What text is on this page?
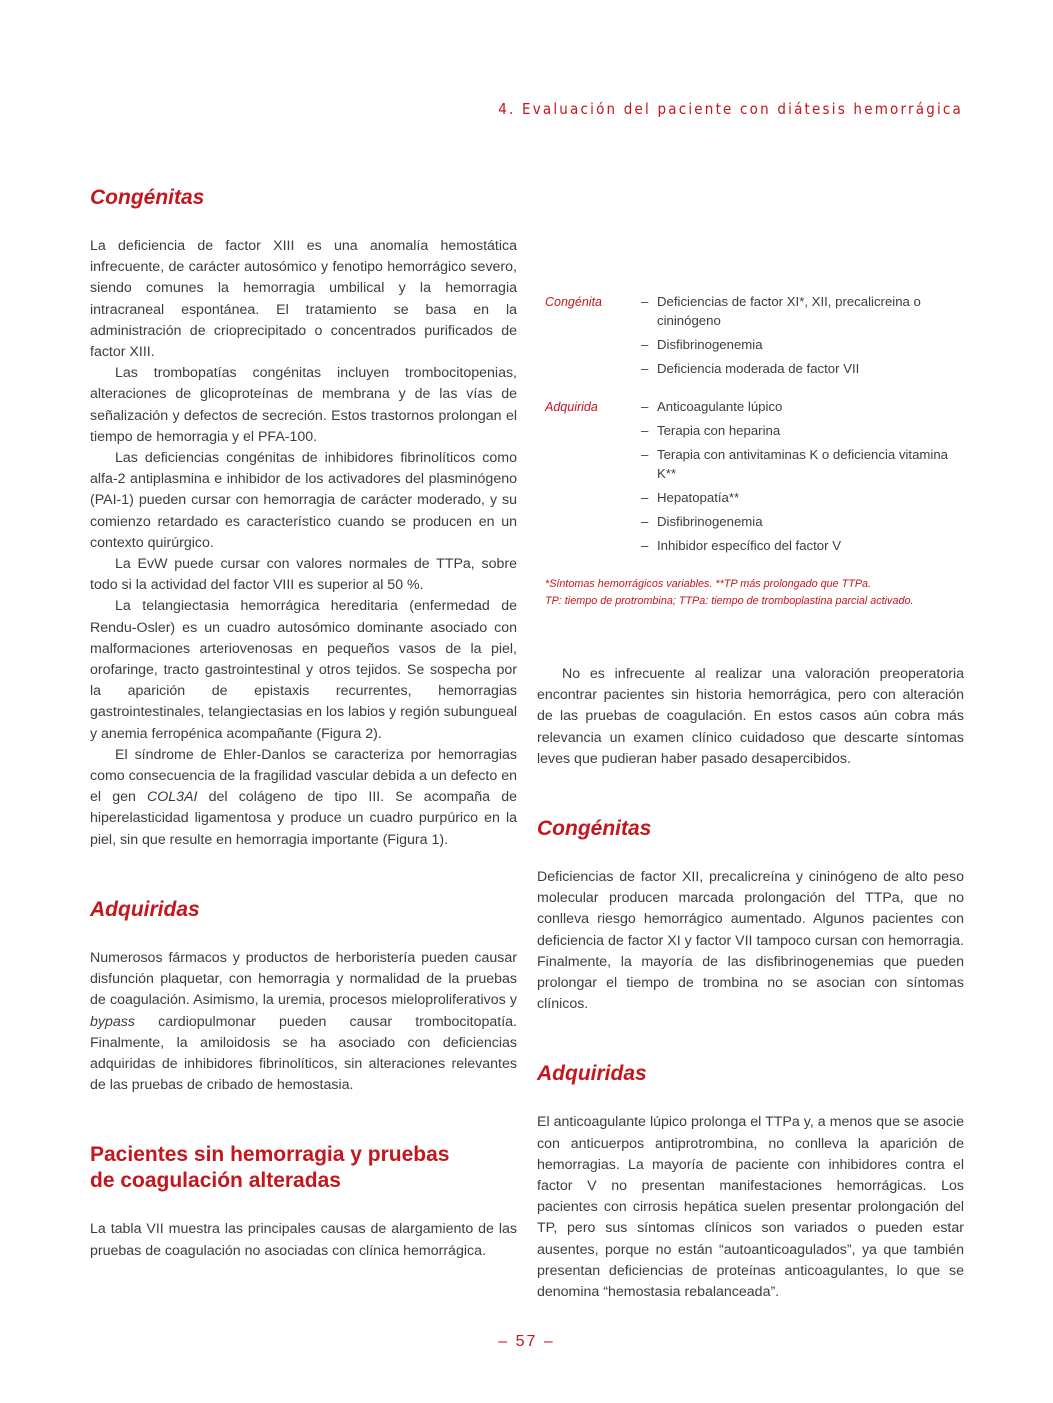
4. Evaluación del paciente con diátesis hemorrágica
Congénitas

La deficiencia de factor XIII es una anomalía hemostática infrecuente, de carácter autosómico y fenotipo hemorrágico severo, siendo comunes la hemorragia umbilical y la hemorragia intracraneal espontánea. El tratamiento se basa en la administración de crioprecipitado o concentrados purificados de factor XIII.

Las trombopatías congénitas incluyen trombocitopenias, alteraciones de glicoproteínas de membrana y de las vías de señalización y defectos de secreción. Estos trastornos prolongan el tiempo de hemorragia y el PFA-100.

Las deficiencias congénitas de inhibidores fibrinolíticos como alfa-2 antiplasmina e inhibidor de los activadores del plasminógeno (PAI-1) pueden cursar con hemorragia de carácter moderado, y su comienzo retardado es característico cuando se producen en un contexto quirúrgico.

La EvW puede cursar con valores normales de TTPa, sobre todo si la actividad del factor VIII es superior al 50 %.

La telangiectasia hemorrágica hereditaria (enfermedad de Rendu-Osler) es un cuadro autosómico dominante asociado con malformaciones arteriovenosas en pequeños vasos de la piel, orofaringe, tracto gastrointestinal y otros tejidos. Se sospecha por la aparición de epistaxis recurrentes, hemorragias gastrointestinales, telangiectasias en los labios y región subungueal y anemia ferropénica acompañante (Figura 2).

El síndrome de Ehler-Danlos se caracteriza por hemorragias como consecuencia de la fragilidad vascular debida a un defecto en el gen COL3AI del colágeno de tipo III. Se acompaña de hiperelasticidad ligamentosa y produce un cuadro purpúrico en la piel, sin que resulte en hemorragia importante (Figura 1).

Adquiridas

Numerosos fármacos y productos de herboristería pueden causar disfunción plaquetar, con hemorragia y normalidad de la pruebas de coagulación. Asimismo, la uremia, procesos mieloproliferativos y bypass cardiopulmonar pueden causar trombocitopatía. Finalmente, la amiloidosis se ha asociado con deficiencias adquiridas de inhibidores fibrinolíticos, sin alteraciones relevantes de las pruebas de cribado de hemostasia.

Pacientes sin hemorragia y pruebas
de coagulación alteradas

La tabla VII muestra las principales causas de alargamiento de las pruebas de coagulación no asociadas con clínica hemorrágica.

Congénita	– Deficiencias de factor XI*, XII, precalicreina o cininógeno
– Disfibrinogenemia
– Deficiencia moderada de factor VII
Adquirida	– Anticoagulante lúpico
– Terapia con heparina
– Terapia con antivitaminas K o deficiencia vitamina K**
– Hepatopatía**
– Disfibrinogenemia
– Inhibidor específico del factor V
*Síntomas hemorrágicos variables. **TP más prolongado que TTPa.
TP: tiempo de protrombina; TTPa: tiempo de tromboplastina parcial activado.

No es infrecuente al realizar una valoración preoperatoria encontrar pacientes sin historia hemorrágica, pero con alteración de las pruebas de coagulación. En estos casos aún cobra más relevancia un examen clínico cuidadoso que descarte síntomas leves que pudieran haber pasado desapercibidos.

Congénitas

Deficiencias de factor XII, precalicreína y cininógeno de alto peso molecular producen marcada prolongación del TTPa, que no conlleva riesgo hemorrágico aumentado. Algunos pacientes con deficiencia de factor XI y factor VII tampoco cursan con hemorragia. Finalmente, la mayoría de las disfibrinogenemias que pueden prolongar el tiempo de trombina no se asocian con síntomas clínicos.

Adquiridas

El anticoagulante lúpico prolonga el TTPa y, a menos que se asocie con anticuerpos antiprotrombina, no conlleva la aparición de hemorragias. La mayoría de paciente con inhibidores contra el factor V no presentan manifestaciones hemorrágicas. Los pacientes con cirrosis hepática suelen presentar prolongación del TP, pero sus síntomas clínicos son variados o pueden estar ausentes, porque no están “autoanticoagulados”, ya que también presentan deficiencias de proteínas anticoagulantes, lo que se denomina “hemostasia rebalanceada”.

– 57 –
